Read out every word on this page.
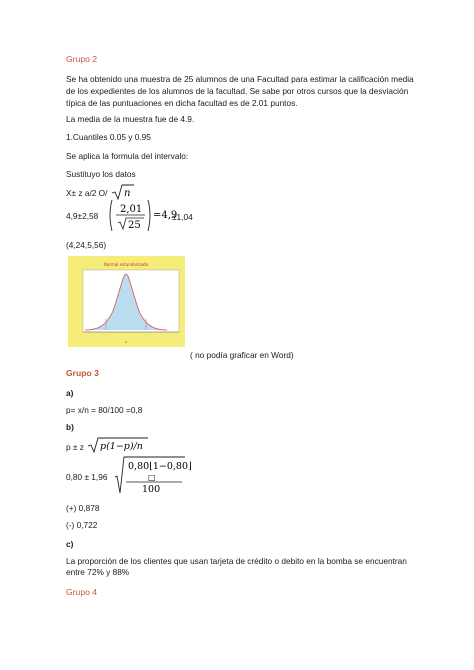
Grupo 2
Se ha obtenido una muestra de 25 alumnos de una Facultad para estimar la calificación media
de los expedientes de los alumnos de la facultad. Se sabe por otros cursos que la desviación
típica de las puntuaciones en dicha facultad es de 2.01 puntos.
La media de la muestra fue de 4.9.
1.Cuantiles 0.05 y 0.95
Se aplica la formula del intervalo:
Sustituyo los datos
X± z a/2 O/ n
4,9±2,58
2,01
25
=4,9
±1,04
(4,24,5,56)
Normal estandarizada
z
( no podía graficar en Word)
Grupo 3
a)
p= x/n = 80/100 =0,8
b)
p ± z p(1−p)/n
0,80 ± 1,96
0,80⌊1−0,80⌋
□
100
(+) 0,878
(-) 0,722
c)
La proporción de los clientes que usan tarjeta de crédito o debito en la bomba se encuentran
entre 72% y 88%
Grupo 4
